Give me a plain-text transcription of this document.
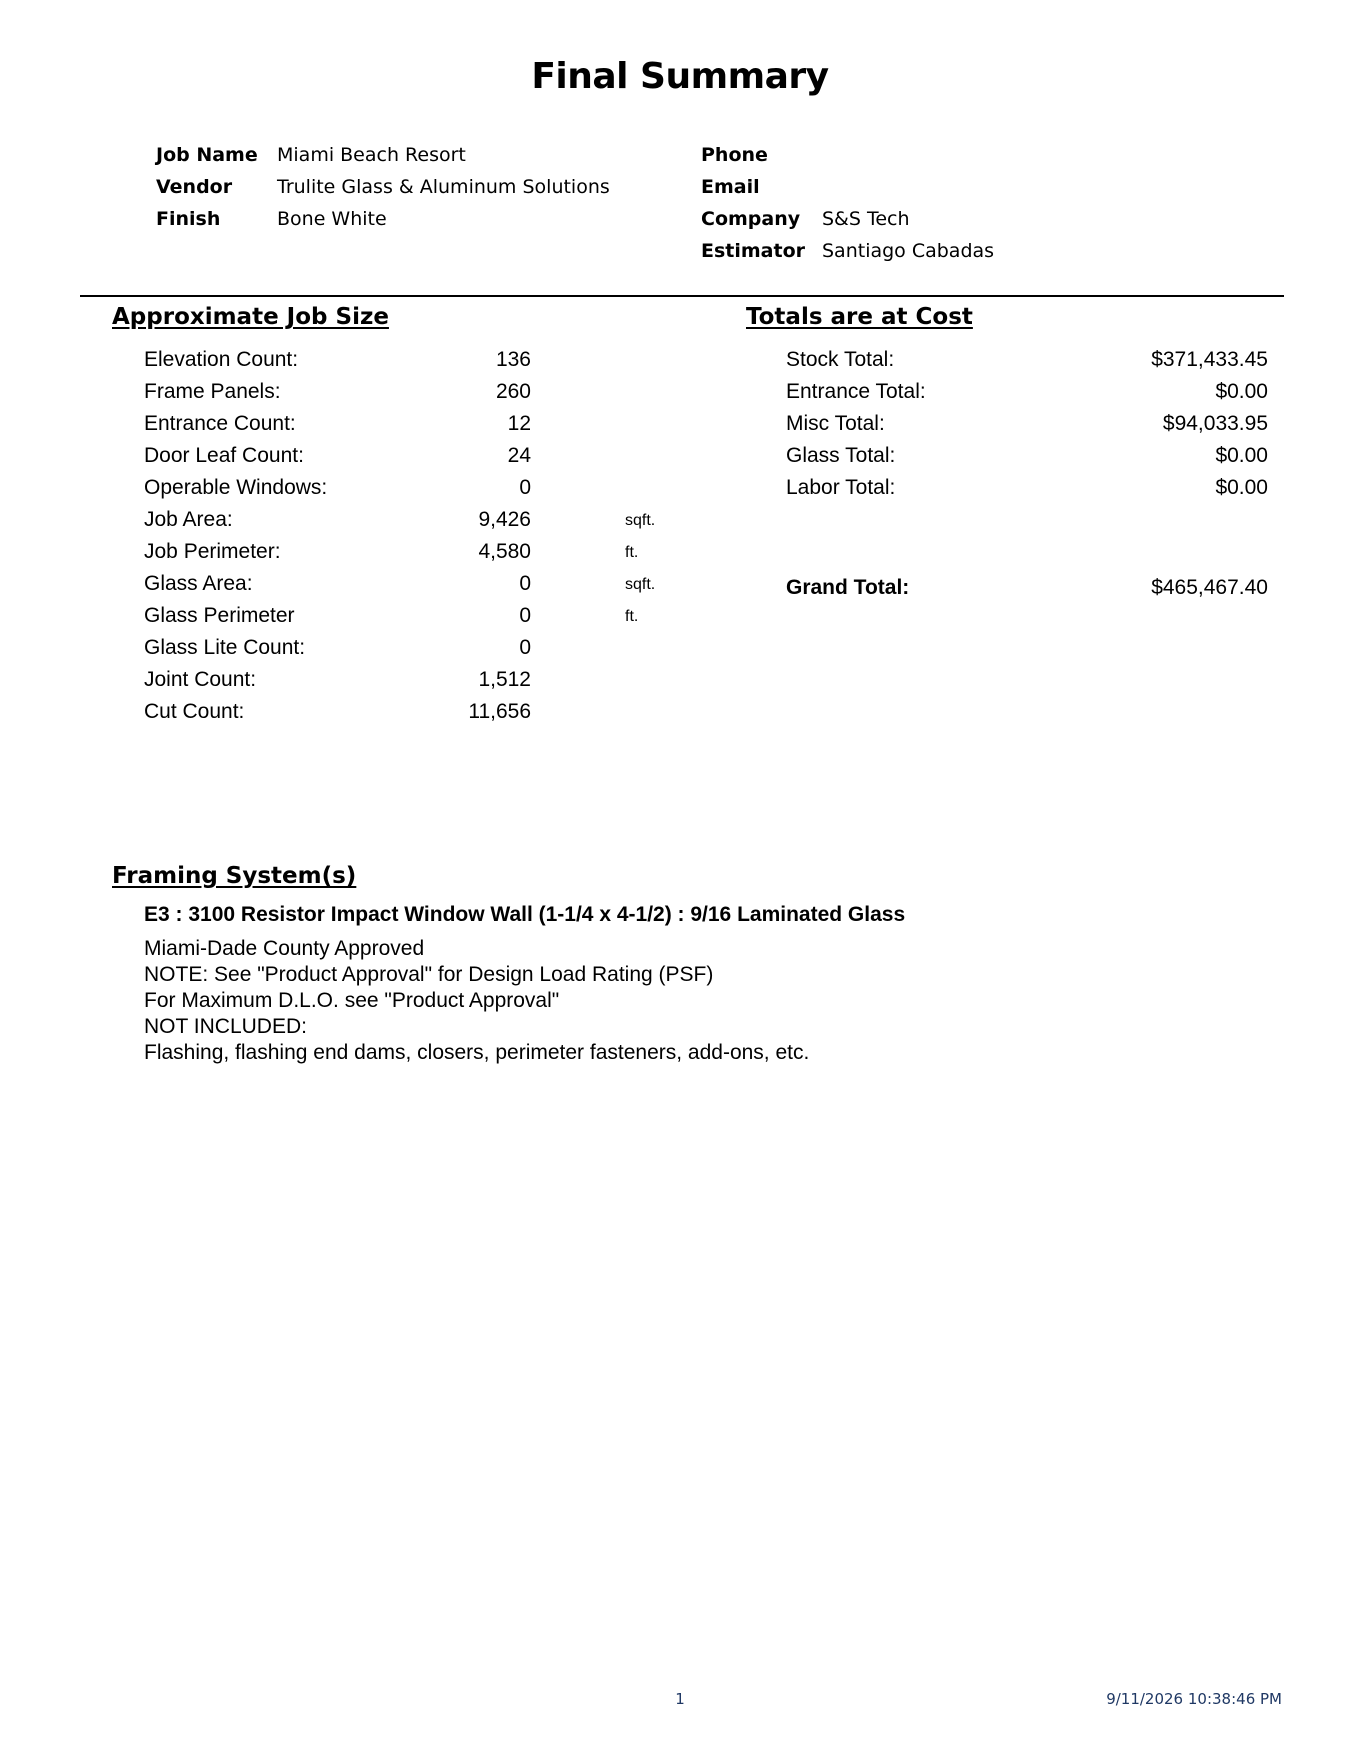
Final Summary
Job Name	Miami Beach Resort
Vendor	Trulite Glass & Aluminum Solutions
Finish	Bone White
Phone
Email
Company	S&S Tech
Estimator Santiago Cabadas
Approximate Job Size	Totals are at Cost
Elevation Count:	136
Frame Panels:	260
Entrance Count:	12
Door Leaf Count:	24
Operable Windows:	0
Job Area:	9,426	sqft.
Job Perimeter:	4,580	ft.
Glass Area:	0	sqft.
Glass Perimeter	0	ft.
Glass Lite Count:	0
Joint Count:	1,512
Cut Count:	11,656
Stock Total:	$371,433.45
Entrance Total:	$0.00
Misc Total:	$94,033.95
Glass Total:	$0.00
Labor Total:	$0.00
Grand Total:	$465,467.40
Framing System(s)
E3 : 3100 Resistor Impact Window Wall (1-1/4 x 4-1/2) : 9/16 Laminated Glass
Miami-Dade County Approved
NOTE: See "Product Approval" for Design Load Rating (PSF)
For Maximum D.L.O. see "Product Approval"
NOT INCLUDED:
Flashing, flashing end dams, closers, perimeter fasteners, add-ons, etc.
1	9/11/2026 10:38:46 PM
